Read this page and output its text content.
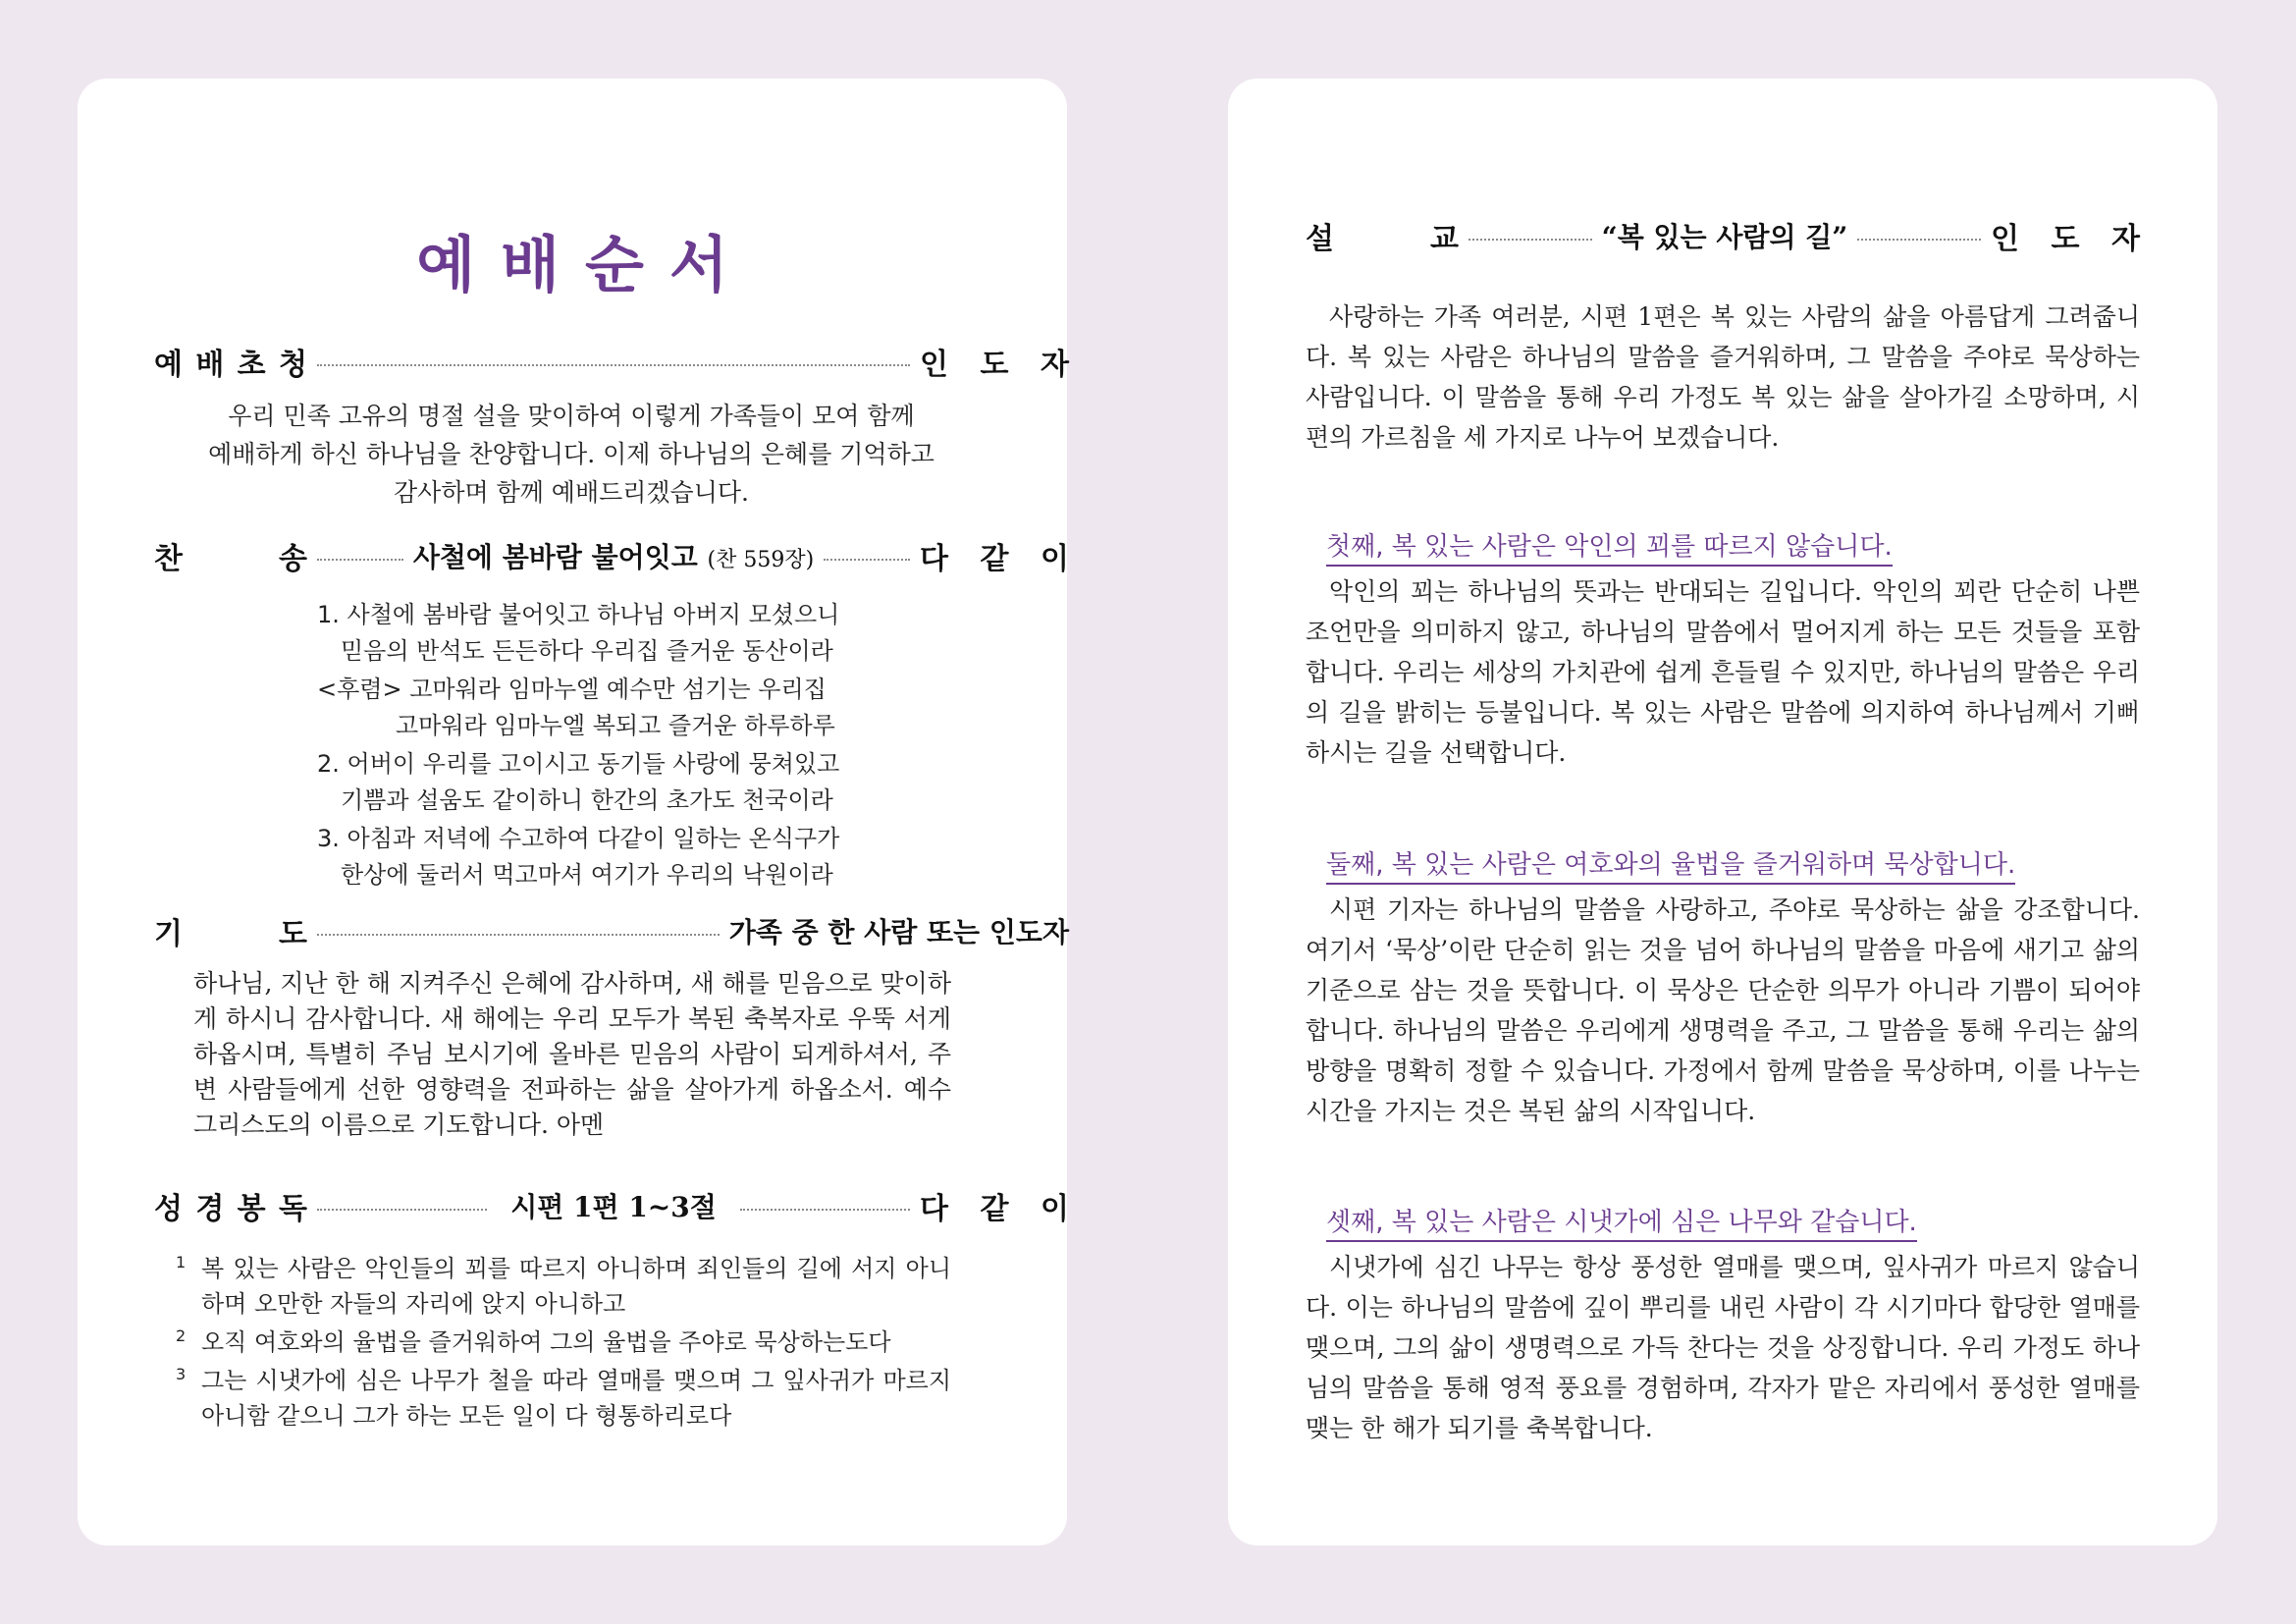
예배순서
예 배 초 청	인 도 자
우리 민족 고유의 명절 설을 맞이하여 이렇게 가족들이 모여 함께
예배하게 하신 하나님을 찬양합니다. 이제 하나님의 은혜를 기억하고
감사하며 함께 예배드리겠습니다.
찬	송	사철에 봄바람 불어잇고 (찬 559장)	다 같 이
1. 사철에 봄바람 불어잇고 하나님 아버지 모셨으니
믿음의 반석도 든든하다 우리집 즐거운 동산이라
<후렴> 고마워라 임마누엘 예수만 섬기는 우리집
고마워라 임마누엘 복되고 즐거운 하루하루
2. 어버이 우리를 고이시고 동기들 사랑에 뭉쳐있고
기쁨과 설움도 같이하니 한간의 초가도 천국이라
3. 아침과 저녁에 수고하여 다같이 일하는 온식구가
한상에 둘러서 먹고마셔 여기가 우리의 낙원이라
기	도	가족 중 한 사람 또는 인도자
하나님, 지난 한 해 지켜주신 은혜에 감사하며, 새 해를 믿음으로 맞이하게 하시니 감사합니다. 새 해에는 우리 모두가 복된 축복자로 우뚝 서게 하옵시며, 특별히 주님 보시기에 올바른 믿음의 사람이 되게하셔서, 주변 사람들에게 선한 영향력을 전파하는 삶을 살아가게 하옵소서. 예수 그리스도의 이름으로 기도합니다. 아멘
성 경 봉 독	시편 1편 1~3절	다 같 이
1 복 있는 사람은 악인들의 꾀를 따르지 아니하며 죄인들의 길에 서지 아니하며 오만한 자들의 자리에 앉지 아니하고
2 오직 여호와의 율법을 즐거워하여 그의 율법을 주야로 묵상하는도다
3 그는 시냇가에 심은 나무가 철을 따라 열매를 맺으며 그 잎사귀가 마르지 아니함 같으니 그가 하는 모든 일이 다 형통하리로다
설	교	“복 있는 사람의 길”	인 도 자
사랑하는 가족 여러분, 시편 1편은 복 있는 사람의 삶을 아름답게 그려줍니다. 복 있는 사람은 하나님의 말씀을 즐거워하며, 그 말씀을 주야로 묵상하는 사람입니다. 이 말씀을 통해 우리 가정도 복 있는 삶을 살아가길 소망하며, 시편의 가르침을 세 가지로 나누어 보겠습니다.
첫째, 복 있는 사람은 악인의 꾀를 따르지 않습니다.
악인의 꾀는 하나님의 뜻과는 반대되는 길입니다. 악인의 꾀란 단순히 나쁜 조언만을 의미하지 않고, 하나님의 말씀에서 멀어지게 하는 모든 것들을 포함합니다. 우리는 세상의 가치관에 쉽게 흔들릴 수 있지만, 하나님의 말씀은 우리의 길을 밝히는 등불입니다. 복 있는 사람은 말씀에 의지하여 하나님께서 기뻐하시는 길을 선택합니다.
둘째, 복 있는 사람은 여호와의 율법을 즐거워하며 묵상합니다.
시편 기자는 하나님의 말씀을 사랑하고, 주야로 묵상하는 삶을 강조합니다. 여기서 ‘묵상’이란 단순히 읽는 것을 넘어 하나님의 말씀을 마음에 새기고 삶의 기준으로 삼는 것을 뜻합니다. 이 묵상은 단순한 의무가 아니라 기쁨이 되어야 합니다. 하나님의 말씀은 우리에게 생명력을 주고, 그 말씀을 통해 우리는 삶의 방향을 명확히 정할 수 있습니다. 가정에서 함께 말씀을 묵상하며, 이를 나누는 시간을 가지는 것은 복된 삶의 시작입니다.
셋째, 복 있는 사람은 시냇가에 심은 나무와 같습니다.
시냇가에 심긴 나무는 항상 풍성한 열매를 맺으며, 잎사귀가 마르지 않습니다. 이는 하나님의 말씀에 깊이 뿌리를 내린 사람이 각 시기마다 합당한 열매를 맺으며, 그의 삶이 생명력으로 가득 찬다는 것을 상징합니다. 우리 가정도 하나님의 말씀을 통해 영적 풍요를 경험하며, 각자가 맡은 자리에서 풍성한 열매를 맺는 한 해가 되기를 축복합니다.
